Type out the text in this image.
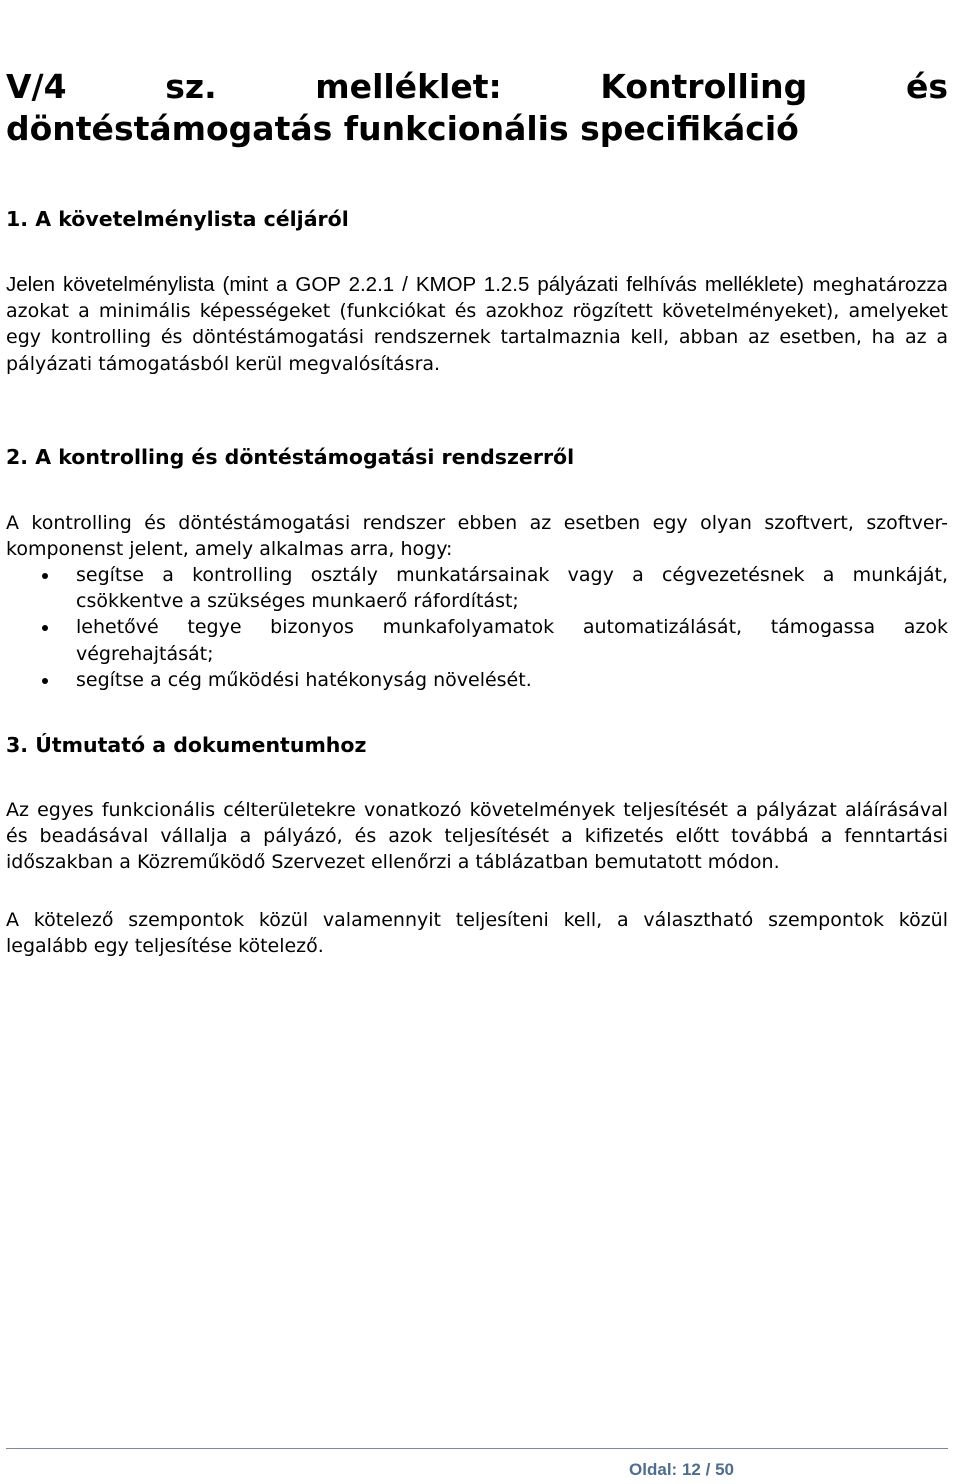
V/4	sz.	melléklet:	Kontrolling	és
döntéstámogatás funkcionális specifikáció
1. A követelménylista céljáról

Jelen követelménylista (mint a GOP 2.2.1 / KMOP 1.2.5 pályázati felhívás melléklete) meghatározza azokat a minimális képességeket (funkciókat és azokhoz rögzített követelményeket), amelyeket egy kontrolling és döntéstámogatási rendszernek tartalmaznia kell, abban az esetben, ha az a pályázati támogatásból kerül megvalósításra.

2. A kontrolling és döntéstámogatási rendszerről

A kontrolling és döntéstámogatási rendszer ebben az esetben egy olyan szoftvert, szoftver-komponenst jelent, amely alkalmas arra, hogy:

segítse a kontrolling osztály munkatársainak vagy a cégvezetésnek a munkáját, csökkentve a szükséges munkaerő ráfordítást;
lehetővé tegye bizonyos munkafolyamatok automatizálását, támogassa azok végrehajtását;
segítse a cég működési hatékonyság növelését.
3. Útmutató a dokumentumhoz

Az egyes funkcionális célterületekre vonatkozó követelmények teljesítését a pályázat aláírásával és beadásával vállalja a pályázó, és azok teljesítését a kifizetés előtt továbbá a fenntartási időszakban a Közreműködő Szervezet ellenőrzi a táblázatban bemutatott módon.

A kötelező szempontok közül valamennyit teljesíteni kell, a választható szempontok közül legalább egy teljesítése kötelező.

Oldal: 12 / 50
